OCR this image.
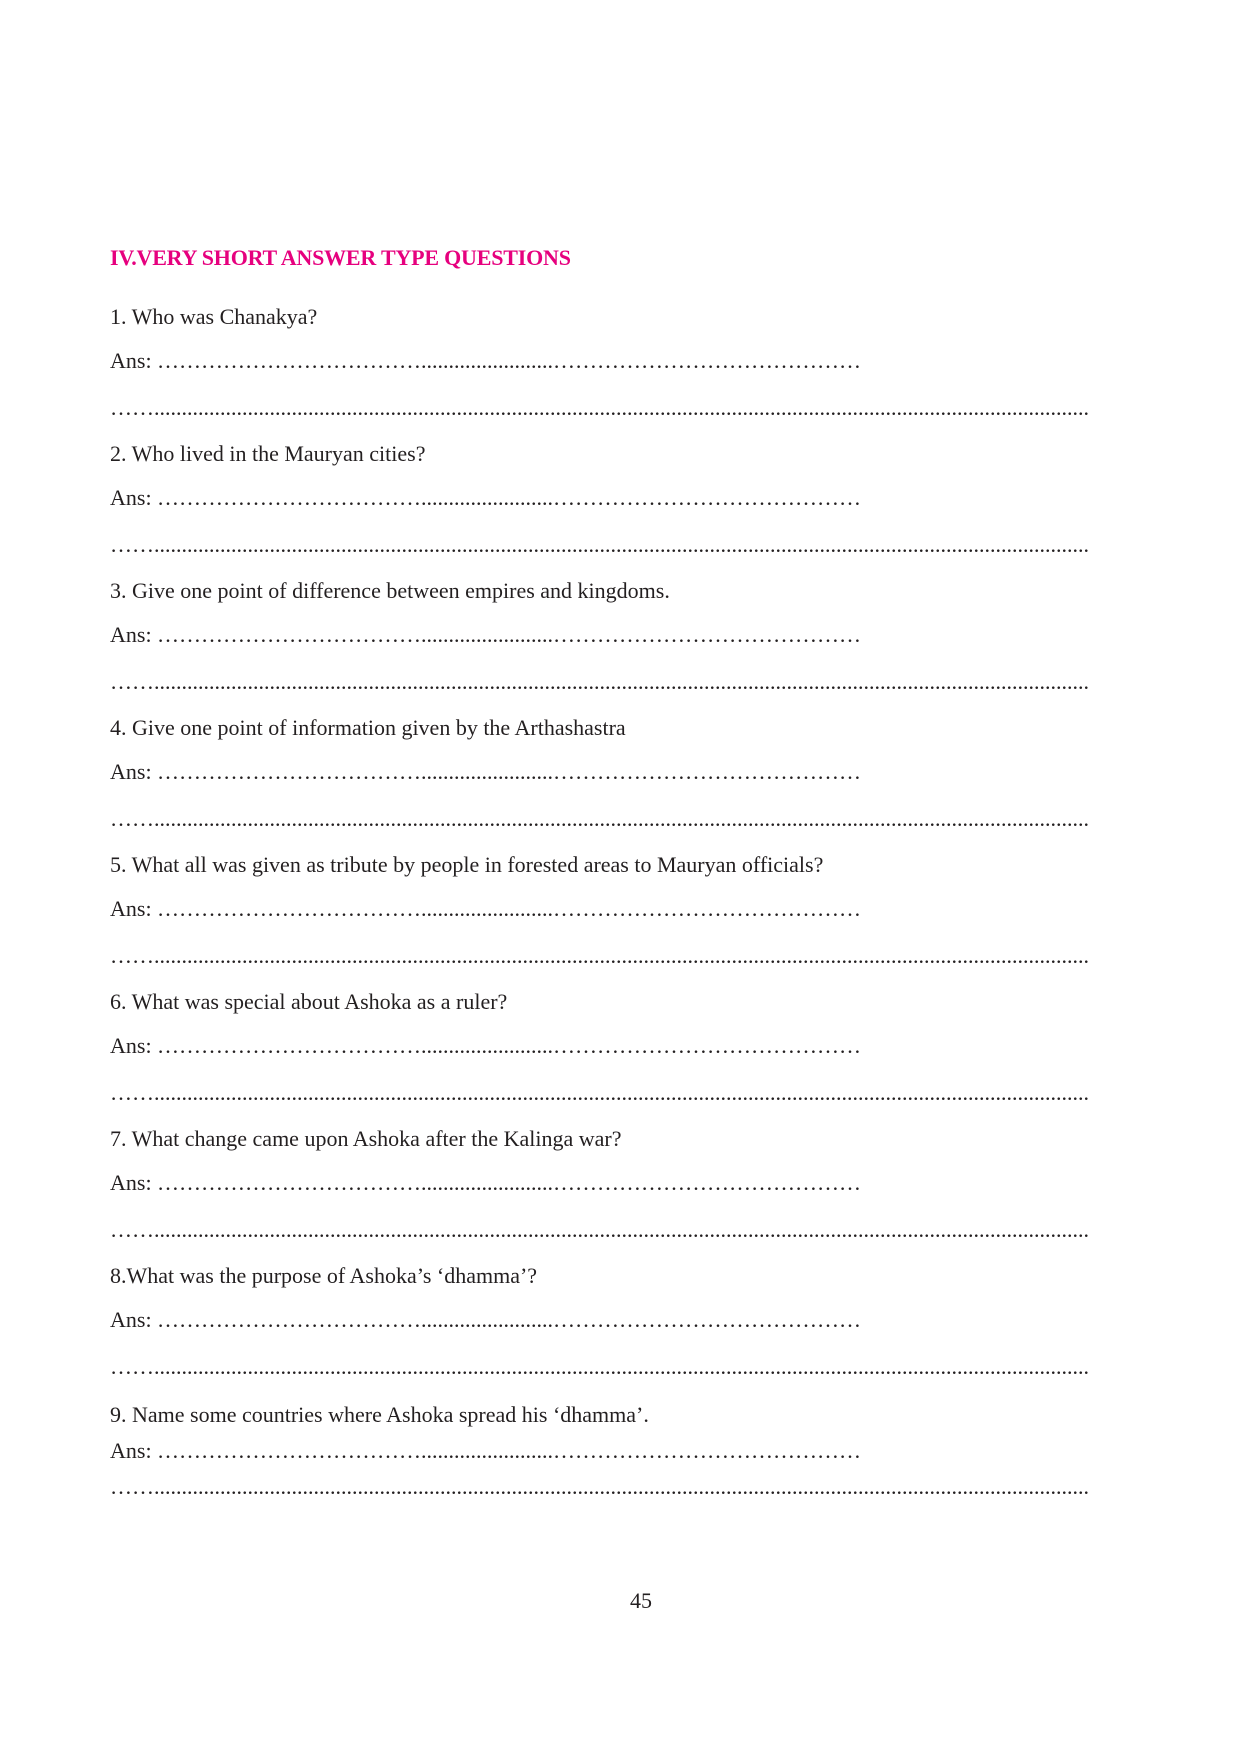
IV.VERY SHORT ANSWER TYPE QUESTIONS
1. Who was Chanakya?
Ans: ………………………………........................……………………………………
……..........................................................................................................................................................................
2. Who lived in the Mauryan cities?
Ans: ………………………………........................……………………………………
……..........................................................................................................................................................................
3. Give one point of difference between empires and kingdoms.
Ans: ………………………………........................……………………………………
……..........................................................................................................................................................................
4. Give one point of information given by the Arthashastra
Ans: ………………………………........................……………………………………
……..........................................................................................................................................................................
5. What all was given as tribute by people in forested areas to Mauryan officials?
Ans: ………………………………........................……………………………………
……..........................................................................................................................................................................
6. What was special about Ashoka as a ruler?
Ans: ………………………………........................……………………………………
……..........................................................................................................................................................................
7. What change came upon Ashoka after the Kalinga war?
Ans: ………………………………........................……………………………………
……..........................................................................................................................................................................
8.What was the purpose of Ashoka’s ‘dhamma’?
Ans: ………………………………........................……………………………………
……..........................................................................................................................................................................
9. Name some countries where Ashoka spread his ‘dhamma’.
Ans: ………………………………........................……………………………………
……..........................................................................................................................................................................
45
